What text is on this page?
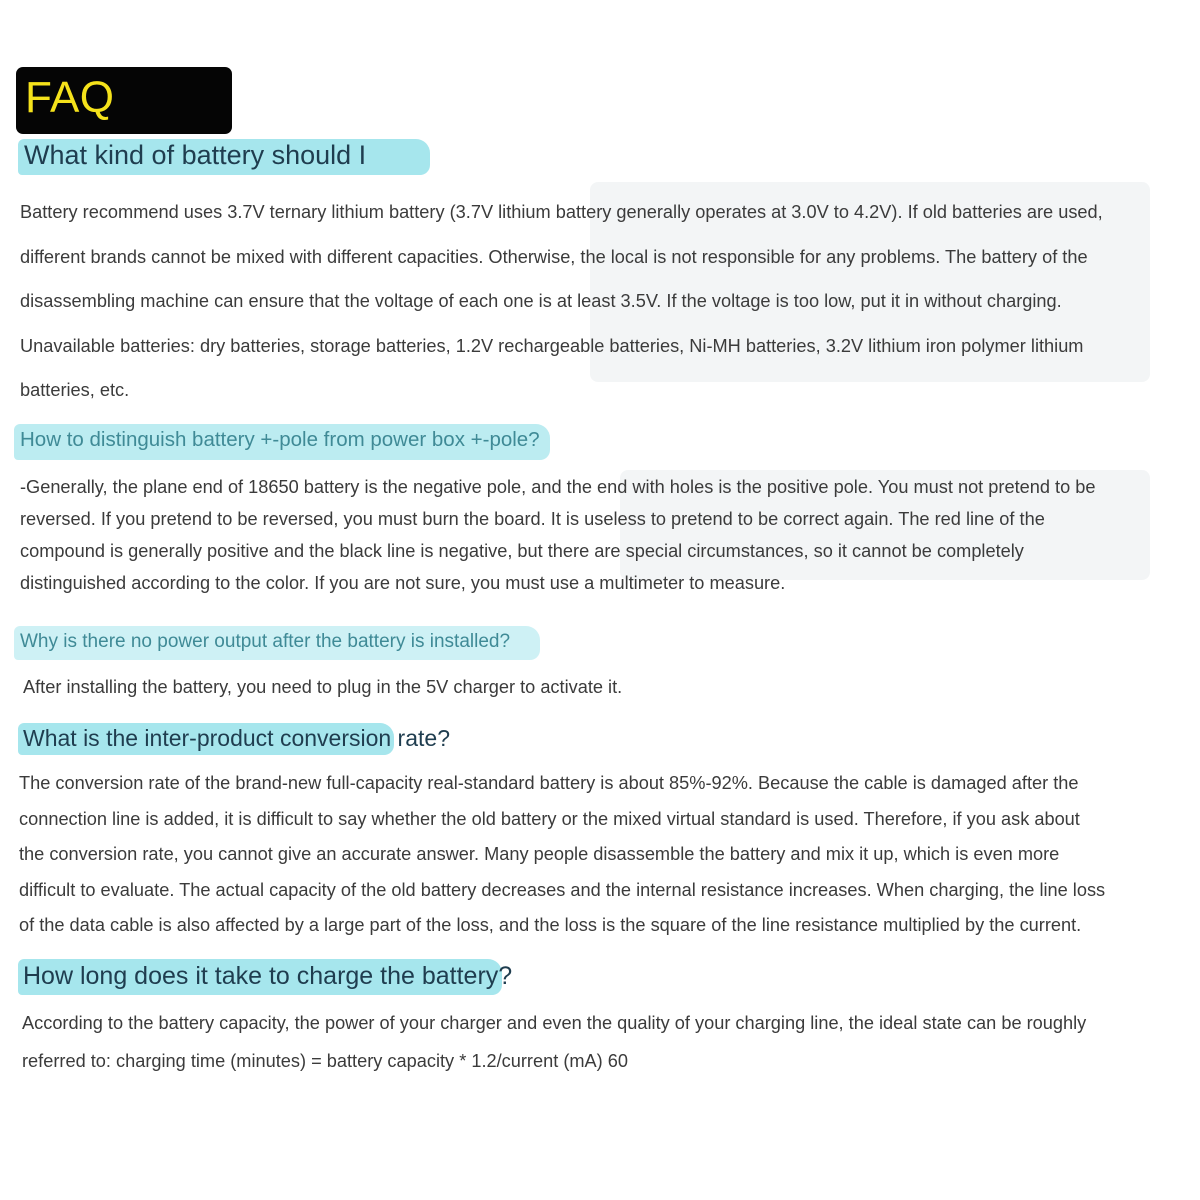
FAQ
What kind of battery should I
Battery recommend uses 3.7V ternary lithium battery (3.7V lithium battery generally operates at 3.0V to 4.2V). If old batteries are used,
different brands cannot be mixed with different capacities. Otherwise, the local is not responsible for any problems. The battery of the
disassembling machine can ensure that the voltage of each one is at least 3.5V. If the voltage is too low, put it in without charging.
Unavailable batteries: dry batteries, storage batteries, 1.2V rechargeable batteries, Ni-MH batteries, 3.2V lithium iron polymer lithium
batteries, etc.
How to distinguish battery +-pole from power box +-pole?
-Generally, the plane end of 18650 battery is the negative pole, and the end with holes is the positive pole. You must not pretend to be
reversed. If you pretend to be reversed, you must burn the board. It is useless to pretend to be correct again. The red line of the
compound is generally positive and the black line is negative, but there are special circumstances, so it cannot be completely
distinguished according to the color. If you are not sure, you must use a multimeter to measure.
Why is there no power output after the battery is installed?
After installing the battery, you need to plug in the 5V charger to activate it.
What is the inter-product conversion rate?
The conversion rate of the brand-new full-capacity real-standard battery is about 85%-92%. Because the cable is damaged after the
connection line is added, it is difficult to say whether the old battery or the mixed virtual standard is used. Therefore, if you ask about
the conversion rate, you cannot give an accurate answer. Many people disassemble the battery and mix it up, which is even more
difficult to evaluate. The actual capacity of the old battery decreases and the internal resistance increases. When charging, the line loss
of the data cable is also affected by a large part of the loss, and the loss is the square of the line resistance multiplied by the current.
How long does it take to charge the battery?
According to the battery capacity, the power of your charger and even the quality of your charging line, the ideal state can be roughly
referred to: charging time (minutes) = battery capacity * 1.2/current (mA) 60
